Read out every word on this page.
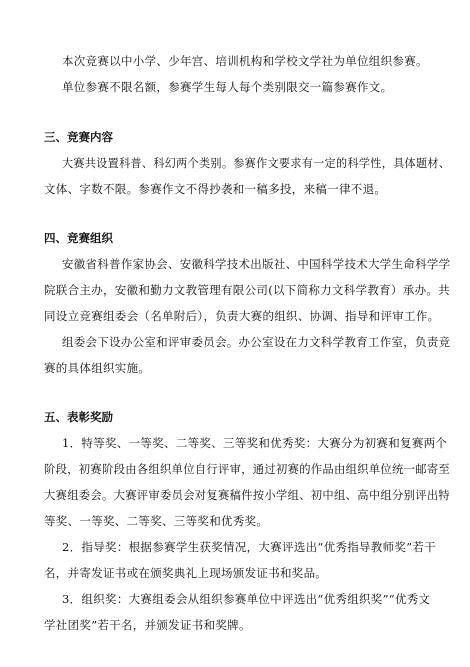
本次竞赛以中小学、少年宫、培训机构和学校文学社为单位组织参赛。
单位参赛不限名额，参赛学生每人每个类别限交一篇参赛作文。
三、竞赛内容
大赛共设置科普、科幻两个类别。参赛作文要求有一定的科学性，具体题材、
文体、字数不限。参赛作文不得抄袭和一稿多投，来稿一律不退。
四、竞赛组织
安徽省科普作家协会、安徽科学技术出版社、中国科学技术大学生命科学学
院联合主办，安徽和勤力文教管理有限公司(以下简称力文科学教育）承办。共
同设立竞赛组委会（名单附后），负责大赛的组织、协调、指导和评审工作。
组委会下设办公室和评审委员会。办公室设在力文科学教育工作室，负责竞
赛的具体组织实施。
五、表彰奖励
1．特等奖、一等奖、二等奖、三等奖和优秀奖：大赛分为初赛和复赛两个
阶段，初赛阶段由各组织单位自行评审，通过初赛的作品由组织单位统一邮寄至
大赛组委会。大赛评审委员会对复赛稿件按小学组、初中组、高中组分别评出特
等奖、一等奖、二等奖、三等奖和优秀奖。
2．指导奖：根据参赛学生获奖情况，大赛评选出“优秀指导教师奖”若干
名，并寄发证书或在颁奖典礼上现场颁发证书和奖品。
3．组织奖：大赛组委会从组织参赛单位中评选出“优秀组织奖”“优秀文
学社团奖”若干名，并颁发证书和奖牌。
